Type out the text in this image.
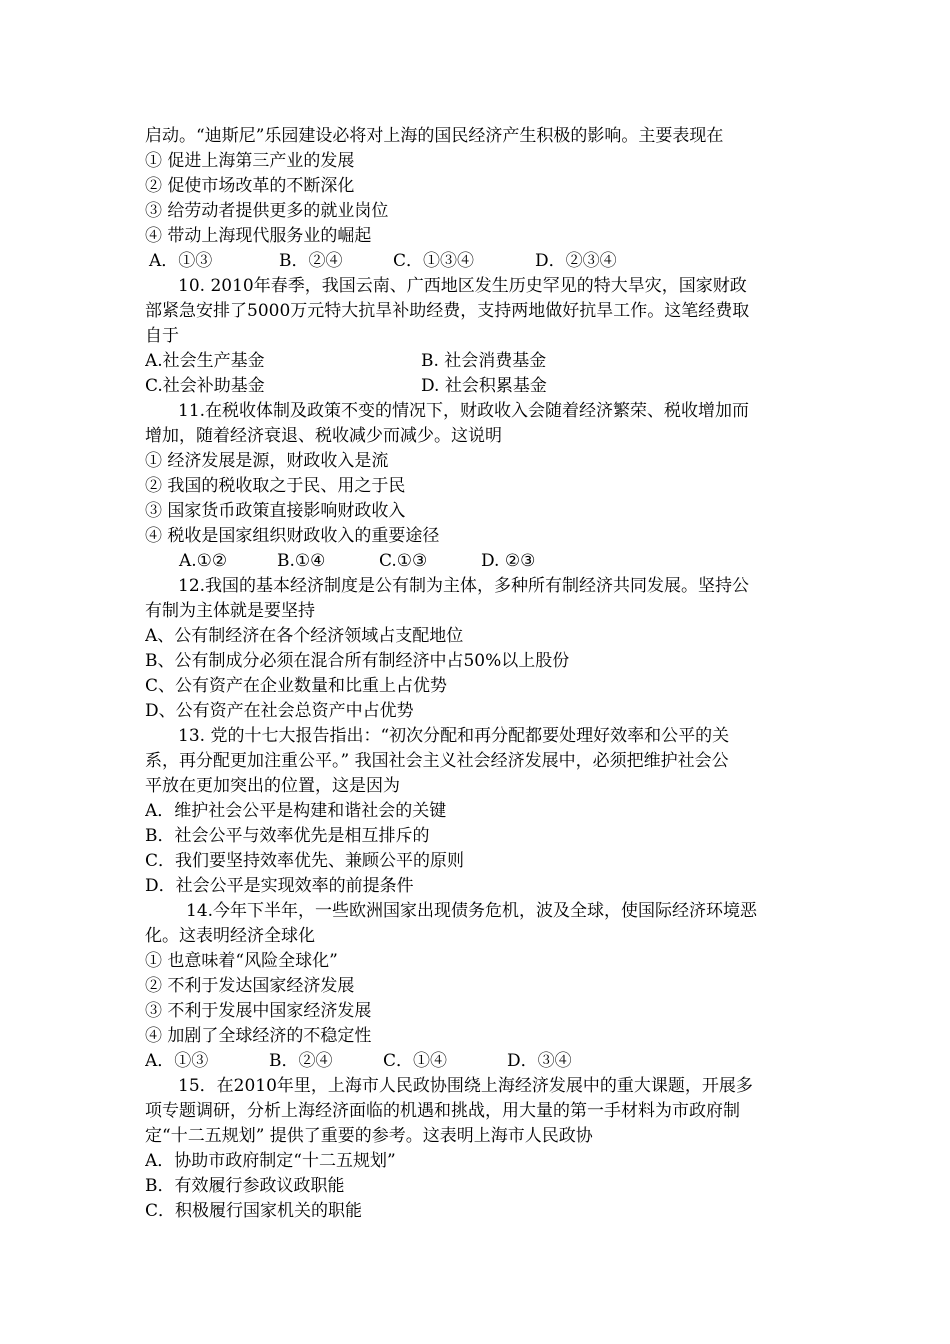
启动。“迪斯尼”乐园建设必将对上海的国民经济产生积极的影响。主要表现在
① 促进上海第三产业的发展
② 促使市场改革的不断深化
③ 给劳动者提供更多的就业岗位
④ 带动上海现代服务业的崛起
A．①③	B．②④	C．①③④	D．②③④
10. 2010年春季，我国云南、广西地区发生历史罕见的特大旱灾，国家财政
部紧急安排了5000万元特大抗旱补助经费，支持两地做好抗旱工作。这笔经费取
自于
A.社会生产基金	B. 社会消费基金
C.社会补助基金	D. 社会积累基金
11.在税收体制及政策不变的情况下，财政收入会随着经济繁荣、税收增加而
增加，随着经济衰退、税收减少而减少。这说明
① 经济发展是源，财政收入是流
② 我国的税收取之于民、用之于民
③ 国家货币政策直接影响财政收入
④ 税收是国家组织财政收入的重要途径
A.①②	B.①④	C.①③	D. ②③
12.我国的基本经济制度是公有制为主体，多种所有制经济共同发展。坚持公
有制为主体就是要坚持
A、公有制经济在各个经济领域占支配地位
B、公有制成分必须在混合所有制经济中占50%以上股份
C、公有资产在企业数量和比重上占优势
D、公有资产在社会总资产中占优势
13. 党的十七大报告指出：“初次分配和再分配都要处理好效率和公平的关
系，再分配更加注重公平。” 我国社会主义社会经济发展中，必须把维护社会公
平放在更加突出的位置，这是因为
A．维护社会公平是构建和谐社会的关键
B．社会公平与效率优先是相互排斥的
C．我们要坚持效率优先、兼顾公平的原则
D．社会公平是实现效率的前提条件
14.今年下半年，一些欧洲国家出现债务危机，波及全球，使国际经济环境恶
化。这表明经济全球化
① 也意味着“风险全球化”
② 不利于发达国家经济发展
③ 不利于发展中国家经济发展
④ 加剧了全球经济的不稳定性
A．①③	B．②④	C．①④	D．③④
15．在2010年里，上海市人民政协围绕上海经济发展中的重大课题，开展多
项专题调研，分析上海经济面临的机遇和挑战，用大量的第一手材料为市政府制
定“十二五规划” 提供了重要的参考。这表明上海市人民政协
A．协助市政府制定“十二五规划”
B．有效履行参政议政职能
C．积极履行国家机关的职能
